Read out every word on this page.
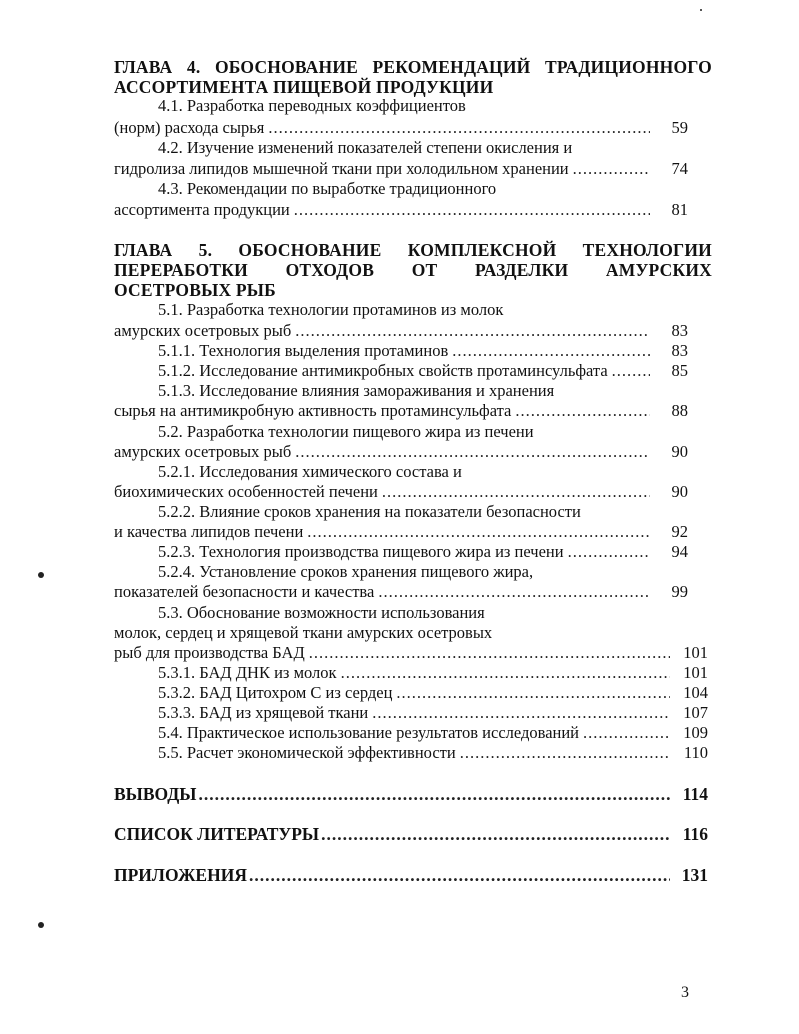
ГЛАВА 4. ОБОСНОВАНИЕ РЕКОМЕНДАЦИЙ ТРАДИЦИОННОГО
АССОРТИМЕНТА ПИЩЕВОЙ ПРОДУКЦИИ
4.1. Разработка переводных коэффициентов
(норм) расхода сырья .....	59
4.2. Изучение изменений показателей степени окисления и
гидролиза липидов мышечной ткани при холодильном хранении .....	74
4.3. Рекомендации по выработке традиционного
ассортимента продукции .....	81
ГЛАВА 5. ОБОСНОВАНИЕ КОМПЛЕКСНОЙ ТЕХНОЛОГИИ
ПЕРЕРАБОТКИ ОТХОДОВ ОТ РАЗДЕЛКИ АМУРСКИХ
ОСЕТРОВЫХ РЫБ
5.1. Разработка технологии протаминов из молок
амурских осетровых рыб .....	83
5.1.1. Технология выделения протаминов .....	83
5.1.2. Исследование антимикробных свойств протаминсульфата .....	85
5.1.3. Исследование влияния замораживания и хранения
сырья на антимикробную активность протаминсульфата .....	88
5.2. Разработка технологии пищевого жира из печени
амурских осетровых рыб .....	90
5.2.1. Исследования химического состава и
биохимических особенностей печени .....	90
5.2.2. Влияние сроков хранения на показатели безопасности
и качества липидов печени .....	92
5.2.3. Технология производства пищевого жира из печени .....	94
5.2.4. Установление сроков хранения пищевого жира,
показателей безопасности и качества .....	99
5.3. Обоснование возможности использования
молок, сердец и хрящевой ткани амурских осетровых
рыб для производства БАД .....	101
5.3.1. БАД ДНК из молок .....	101
5.3.2. БАД Цитохром С из сердец .....	104
5.3.3. БАД из хрящевой ткани .....	107
5.4. Практическое использование результатов исследований .....	109
5.5. Расчет экономической эффективности .....	110
ВЫВОДЫ .....	114
СПИСОК ЛИТЕРАТУРЫ .....	116
ПРИЛОЖЕНИЯ .....	131
3
